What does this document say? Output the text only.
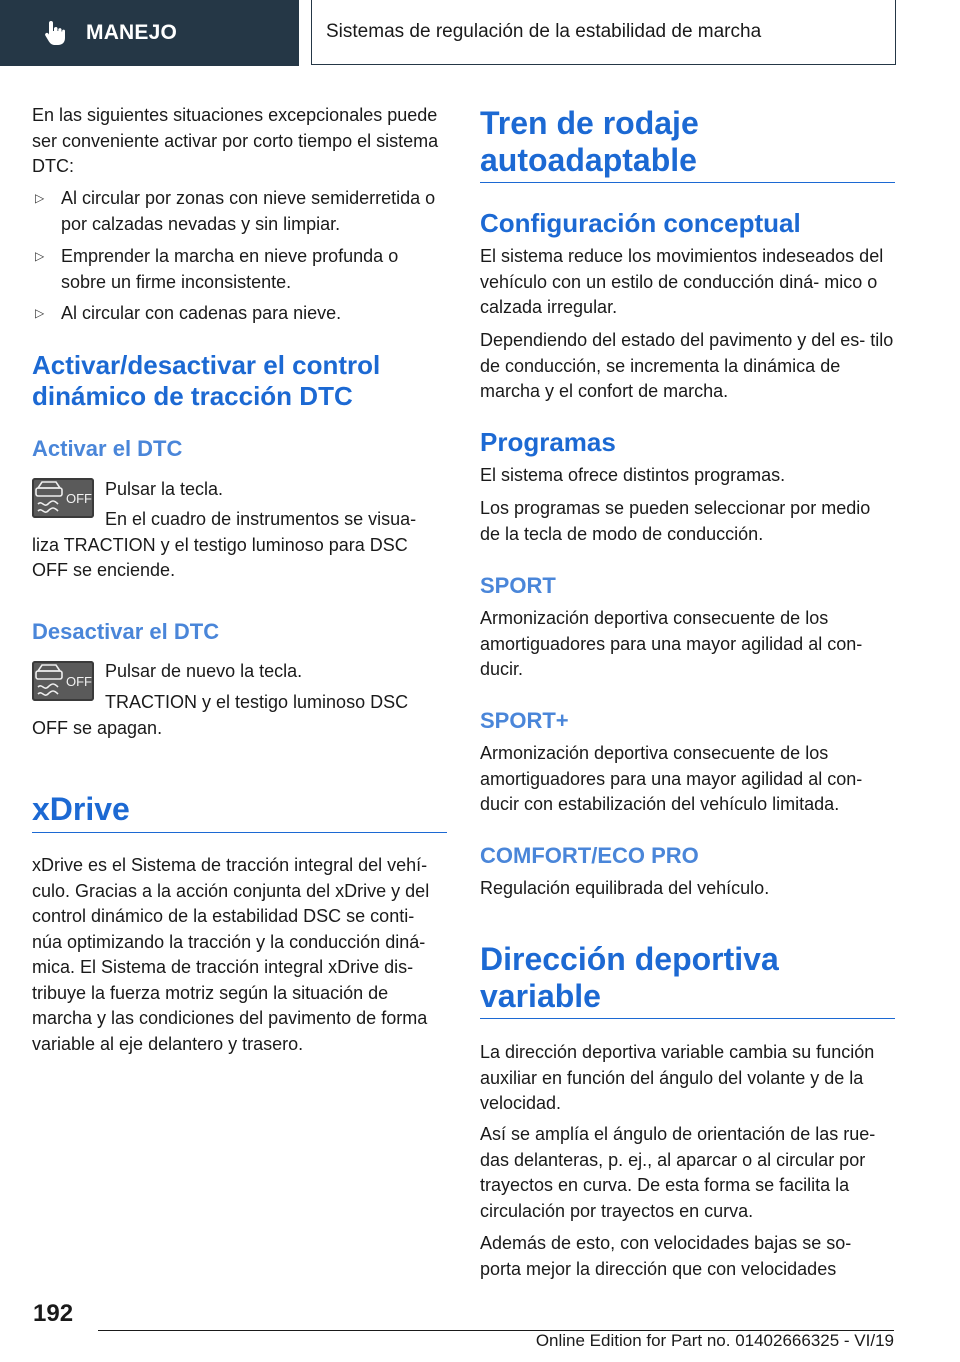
MANEJO	Sistemas de regulación de la estabilidad de marcha

En las siguientes situaciones excepcionales puede ser conveniente activar por corto tiempo el sistema DTC:

▷ Al circular por zonas con nieve semiderretida o por calzadas nevadas y sin limpiar.
▷ Emprender la marcha en nieve profunda o sobre un firme inconsistente.
▷ Al circular con cadenas para nieve.
Activar/desactivar el control dinámico de tracción DTC
Activar el DTC
OFF Pulsar la tecla.

En el cuadro de instrumentos se visua‐ liza TRACTION y el testigo luminoso para DSC OFF se enciende.

Desactivar el DTC
OFF

Pulsar de nuevo la tecla.

TRACTION y el testigo luminoso DSC OFF se apagan.

xDrive

xDrive es el Sistema de tracción integral del vehí‐ culo. Gracias a la acción conjunta del xDrive y del control dinámico de la estabilidad DSC se conti‐ núa optimizando la tracción y la conducción diná‐ mica. El Sistema de tracción integral xDrive dis‐ tribuye la fuerza motriz según la situación de marcha y las condiciones del pavimento de forma variable al eje delantero y trasero.

Tren de rodaje autoadaptable
Configuración conceptual

El sistema reduce los movimientos indeseados del vehículo con un estilo de conducción diná‐ mico o calzada irregular.

Dependiendo del estado del pavimento y del es‐ tilo de conducción, se incrementa la dinámica de marcha y el confort de marcha.

Programas

El sistema ofrece distintos programas.

Los programas se pueden seleccionar por medio de la tecla de modo de conducción.

SPORT

Armonización deportiva consecuente de los amortiguadores para una mayor agilidad al con‐ ducir.

SPORT+

Armonización deportiva consecuente de los amortiguadores para una mayor agilidad al con‐ ducir con estabilización del vehículo limitada.

COMFORT/ECO PRO

Regulación equilibrada del vehículo.

Dirección deportiva variable

La dirección deportiva variable cambia su función auxiliar en función del ángulo del volante y de la velocidad.

Así se amplía el ángulo de orientación de las rue‐ das delanteras, p. ej., al aparcar o al circular por trayectos en curva. De esta forma se facilita la circulación por trayectos en curva.

Además de esto, con velocidades bajas se so‐ porta mejor la dirección que con velocidades

192
Online Edition for Part no. 01402666325 - VI/19
